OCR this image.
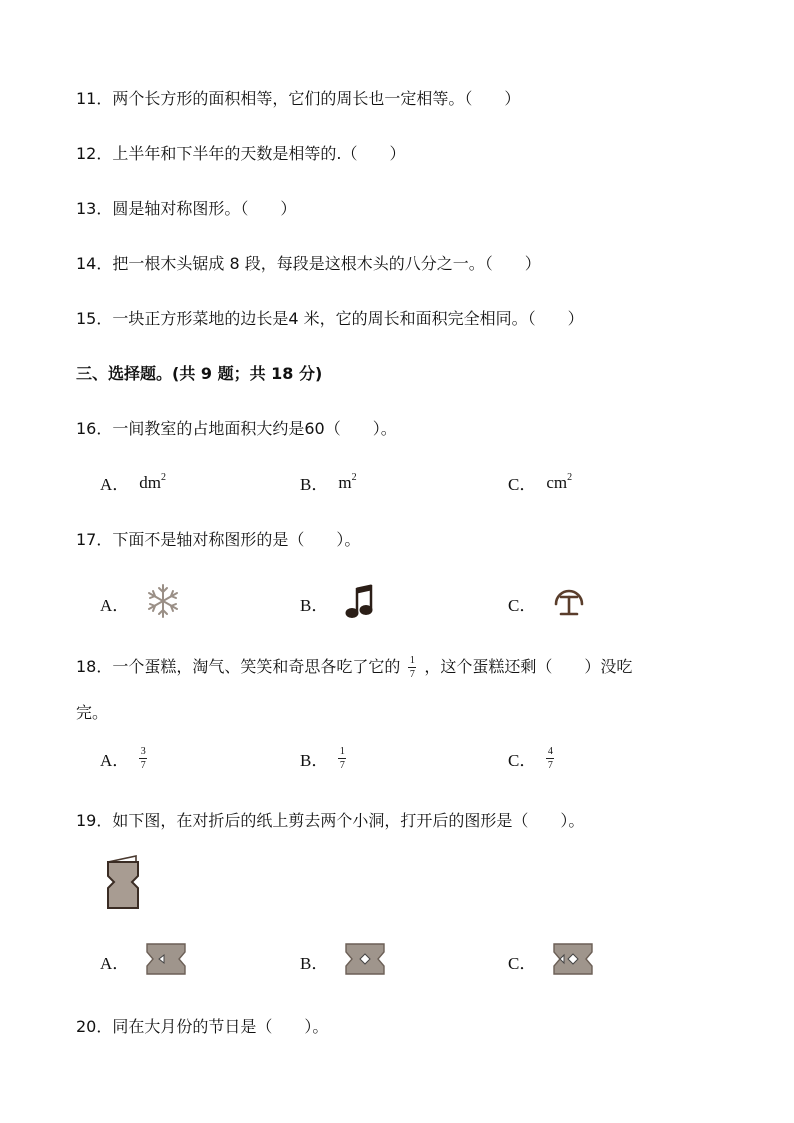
11．两个长方形的面积相等，它们的周长也一定相等。（　　）
12．上半年和下半年的天数是相等的.（　　）
13．圆是轴对称图形。（　　）
14．把一根木头锯成 8 段，每段是这根木头的八分之一。（　　）
15．一块正方形菜地的边长是4 米，它的周长和面积完全相同。（　　）
三、选择题。(共 9 题；共 18 分)
16．一间教室的占地面积大约是60（　　）。
A． $dm^2$	B． $m^2$	C． $cm^2$
17．下面不是轴对称图形的是（　　）。
A．	B．	C．
18．一个蛋糕，淘气、笑笑和奇思各吃了它的 $\frac{1}{7}$ ，这个蛋糕还剩（　　）没吃
完。
A． $\frac{3}{7}$	B． $\frac{1}{7}$	C． $\frac{4}{7}$
19．如下图，在对折后的纸上剪去两个小洞，打开后的图形是（　　）。
A．	B．	C．
20．同在大月份的节日是（　　）。
